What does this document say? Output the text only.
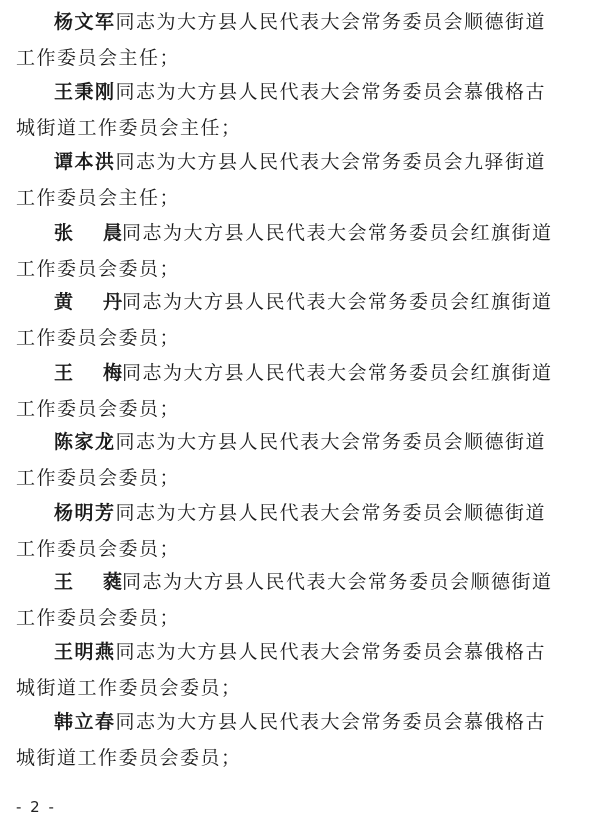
杨文军同志为大方县人民代表大会常务委员会顺德街道
工作委员会主任；
王秉刚同志为大方县人民代表大会常务委员会慕俄格古
城街道工作委员会主任；
谭本洪同志为大方县人民代表大会常务委员会九驿街道
工作委员会主任；
张 晨同志为大方县人民代表大会常务委员会红旗街道
工作委员会委员；
黄 丹同志为大方县人民代表大会常务委员会红旗街道
工作委员会委员；
王 梅同志为大方县人民代表大会常务委员会红旗街道
工作委员会委员；
陈家龙同志为大方县人民代表大会常务委员会顺德街道
工作委员会委员；
杨明芳同志为大方县人民代表大会常务委员会顺德街道
工作委员会委员；
王 蕤同志为大方县人民代表大会常务委员会顺德街道
工作委员会委员；
王明燕同志为大方县人民代表大会常务委员会慕俄格古
城街道工作委员会委员；
韩立春同志为大方县人民代表大会常务委员会慕俄格古
城街道工作委员会委员；
- 2 -
